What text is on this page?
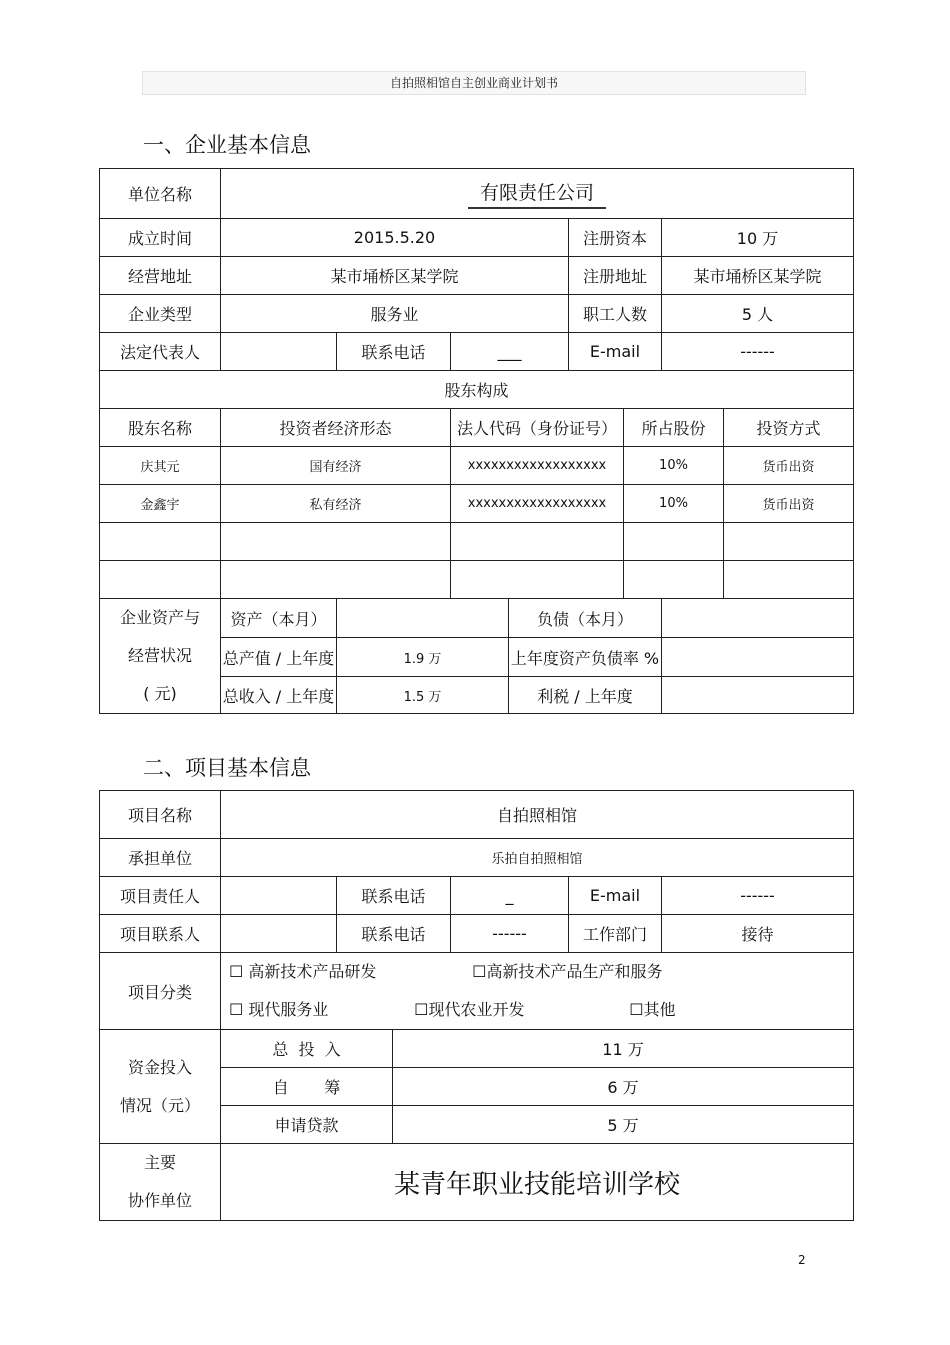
自拍照相馆自主创业商业计划书
一、企业基本信息
单位名称	有限责任公司							
成立时间	2015.5.20				注册资本		10 万	
经营地址	某市埇桥区某学院				注册地址		某市埇桥区某学院	
企业类型	服务业				职工人数		5 人	
法定代表人		联系电话	___		E-mail		------	
股东构成								
股东名称	投资者经济形态		法人代码（身份证号）			所占股份		投资方式
庆其元	国有经济		xxxxxxxxxxxxxxxxxx			10%		货币出资
金鑫宇	私有经济		xxxxxxxxxxxxxxxxxx			10%		货币出资

企业资产与
经营状况
( 元)	资产（本月）			负债（本月）				
	总产值 / 上年度	1.9 万		上年度资产负债率 %				
	总收入 / 上年度	1.5 万		利税 / 上年度				
二、项目基本信息
项目名称	自拍照相馆					
承担单位	乐拍自拍照相馆					
项目责任人		联系电话		_	E-mail	------
项目联系人		联系电话		------	工作部门	接待
项目分类	☐ 高新技术产品研发 ☐高新技术产品生产和服务
☐ 现代服务业 ☐现代农业开发 ☐其他					

资金投入
情况（元）	总  投  入		11 万			
	自       筹		6 万			
	申请贷款		5 万			

主要
协作单位	某青年职业技能培训学校					
2
